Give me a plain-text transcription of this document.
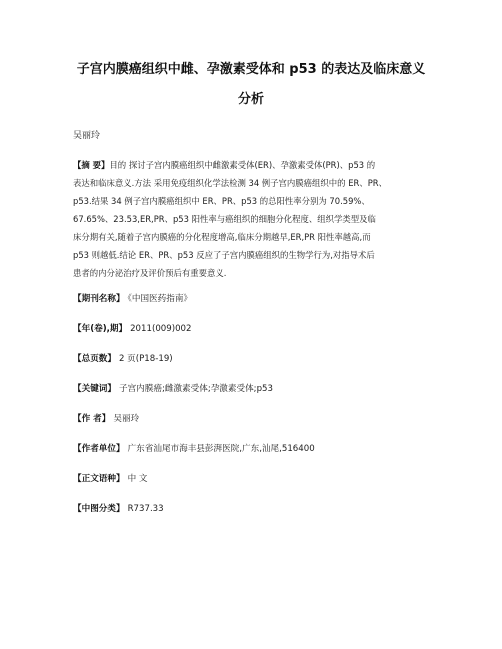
子宫内膜癌组织中雌、孕激素受体和 p53 的表达及临床意义
分析
吴丽玲
【摘 要】目的 探讨子宫内膜癌组织中雌激素受体(ER)、孕激素受体(PR)、p53 的
表达和临床意义.方法 采用免疫组织化学法检测 34 例子宫内膜癌组织中的 ER、PR、
p53.结果 34 例子宫内膜癌组织中 ER、PR、p53 的总阳性率分别为 70.59%、
67.65%、23.53,ER,PR、p53 阳性率与癌组织的细胞分化程度、组织学类型及临
床分期有关,随着子宫内膜癌的分化程度增高,临床分期越早,ER,PR 阳性率越高,而
p53 则越低.结论 ER、PR、p53 反应了子宫内膜癌组织的生物学行为,对指导术后
患者的内分泌治疗及评价预后有重要意义.
【期刊名称】 《中国医药指南》
【年(卷),期】 2011(009)002
【总页数】 2 页(P18-19)
【关键词】 子宫内膜癌;雌激素受体;孕激素受体;p53
【作 者】 吴丽玲
【作者单位】 广东省汕尾市海丰县彭湃医院,广东,汕尾,516400
【正文语种】 中 文
【中图分类】 R737.33
